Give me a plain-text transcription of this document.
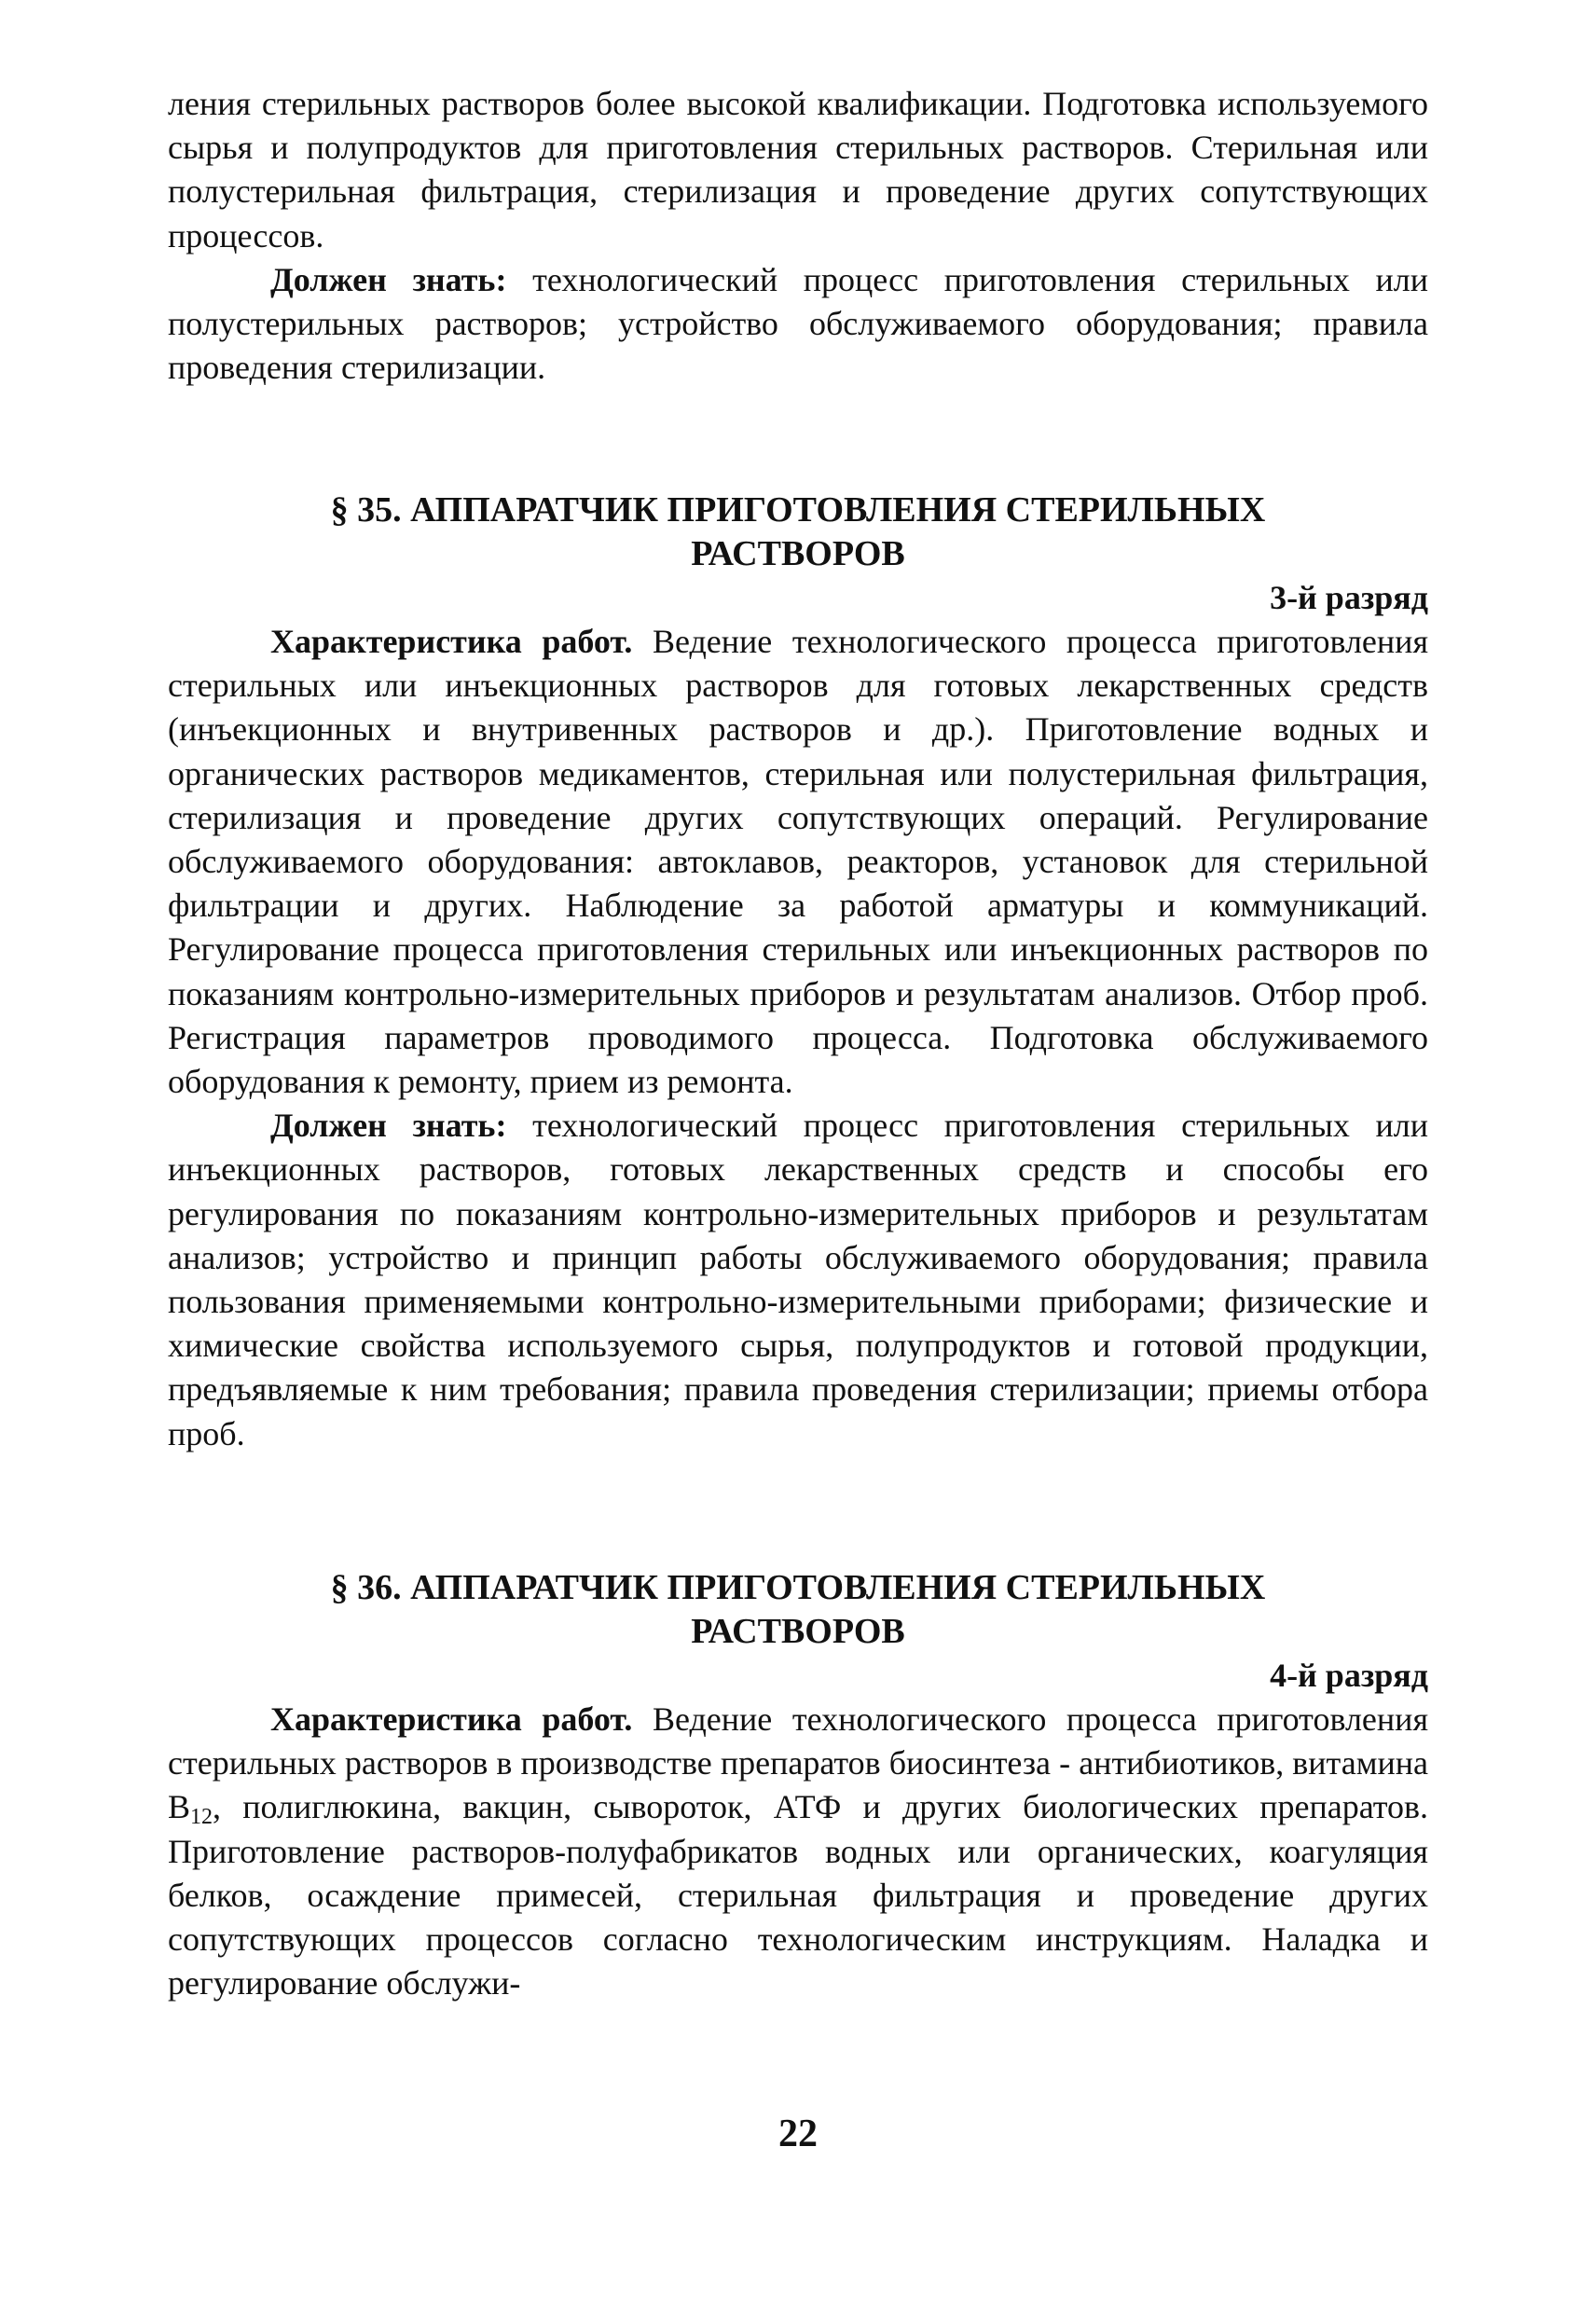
ления стерильных растворов более высокой квалификации. Подготовка используемого сырья и полупродуктов для приготовления стерильных растворов. Стерильная или полустерильная фильтрация, стерилизация и проведение других сопутствующих процессов.

Должен знать: технологический процесс приготовления стерильных или полустерильных растворов; устройство обслуживаемого оборудования; правила проведения стерилизации.

§ 35. АППАРАТЧИК ПРИГОТОВЛЕНИЯ СТЕРИЛЬНЫХ
РАСТВОРОВ
3-й разряд

Характеристика работ. Ведение технологического процесса приготовления стерильных или инъекционных растворов для готовых лекарственных средств (инъекционных и внутривенных растворов и др.). Приготовление водных и органических растворов медикаментов, стерильная или полустерильная фильтрация, стерилизация и проведение других сопутствующих операций. Регулирование обслуживаемого оборудования: автоклавов, реакторов, установок для стерильной фильтрации и других. Наблюдение за работой арматуры и коммуникаций. Регулирование процесса приготовления стерильных или инъекционных растворов по показаниям контрольно-измерительных приборов и результатам анализов. Отбор проб. Регистрация параметров проводимого процесса. Подготовка обслуживаемого оборудования к ремонту, прием из ремонта.

Должен знать: технологический процесс приготовления стерильных или инъекционных растворов, готовых лекарственных средств и способы его регулирования по показаниям контрольно-измерительных приборов и результатам анализов; устройство и принцип работы обслуживаемого оборудования; правила пользования применяемыми контрольно-измерительными приборами; физические и химические свойства используемого сырья, полупродуктов и готовой продукции, предъявляемые к ним требования; правила проведения стерилизации; приемы отбора проб.

§ 36. АППАРАТЧИК ПРИГОТОВЛЕНИЯ СТЕРИЛЬНЫХ
РАСТВОРОВ
4-й разряд

Характеристика работ. Ведение технологического процесса приготовления стерильных растворов в производстве препаратов биосинтеза - антибиотиков, витамина $B_{12}$, полиглюкина, вакцин, сывороток, АТФ и других биологических препаратов. Приготовление растворов-полуфабрикатов водных или органических, коагуляция белков, осаждение примесей, стерильная фильтрация и проведение других сопутствующих процессов согласно технологическим инструкциям. Наладка и регулирование обслужи-

22
